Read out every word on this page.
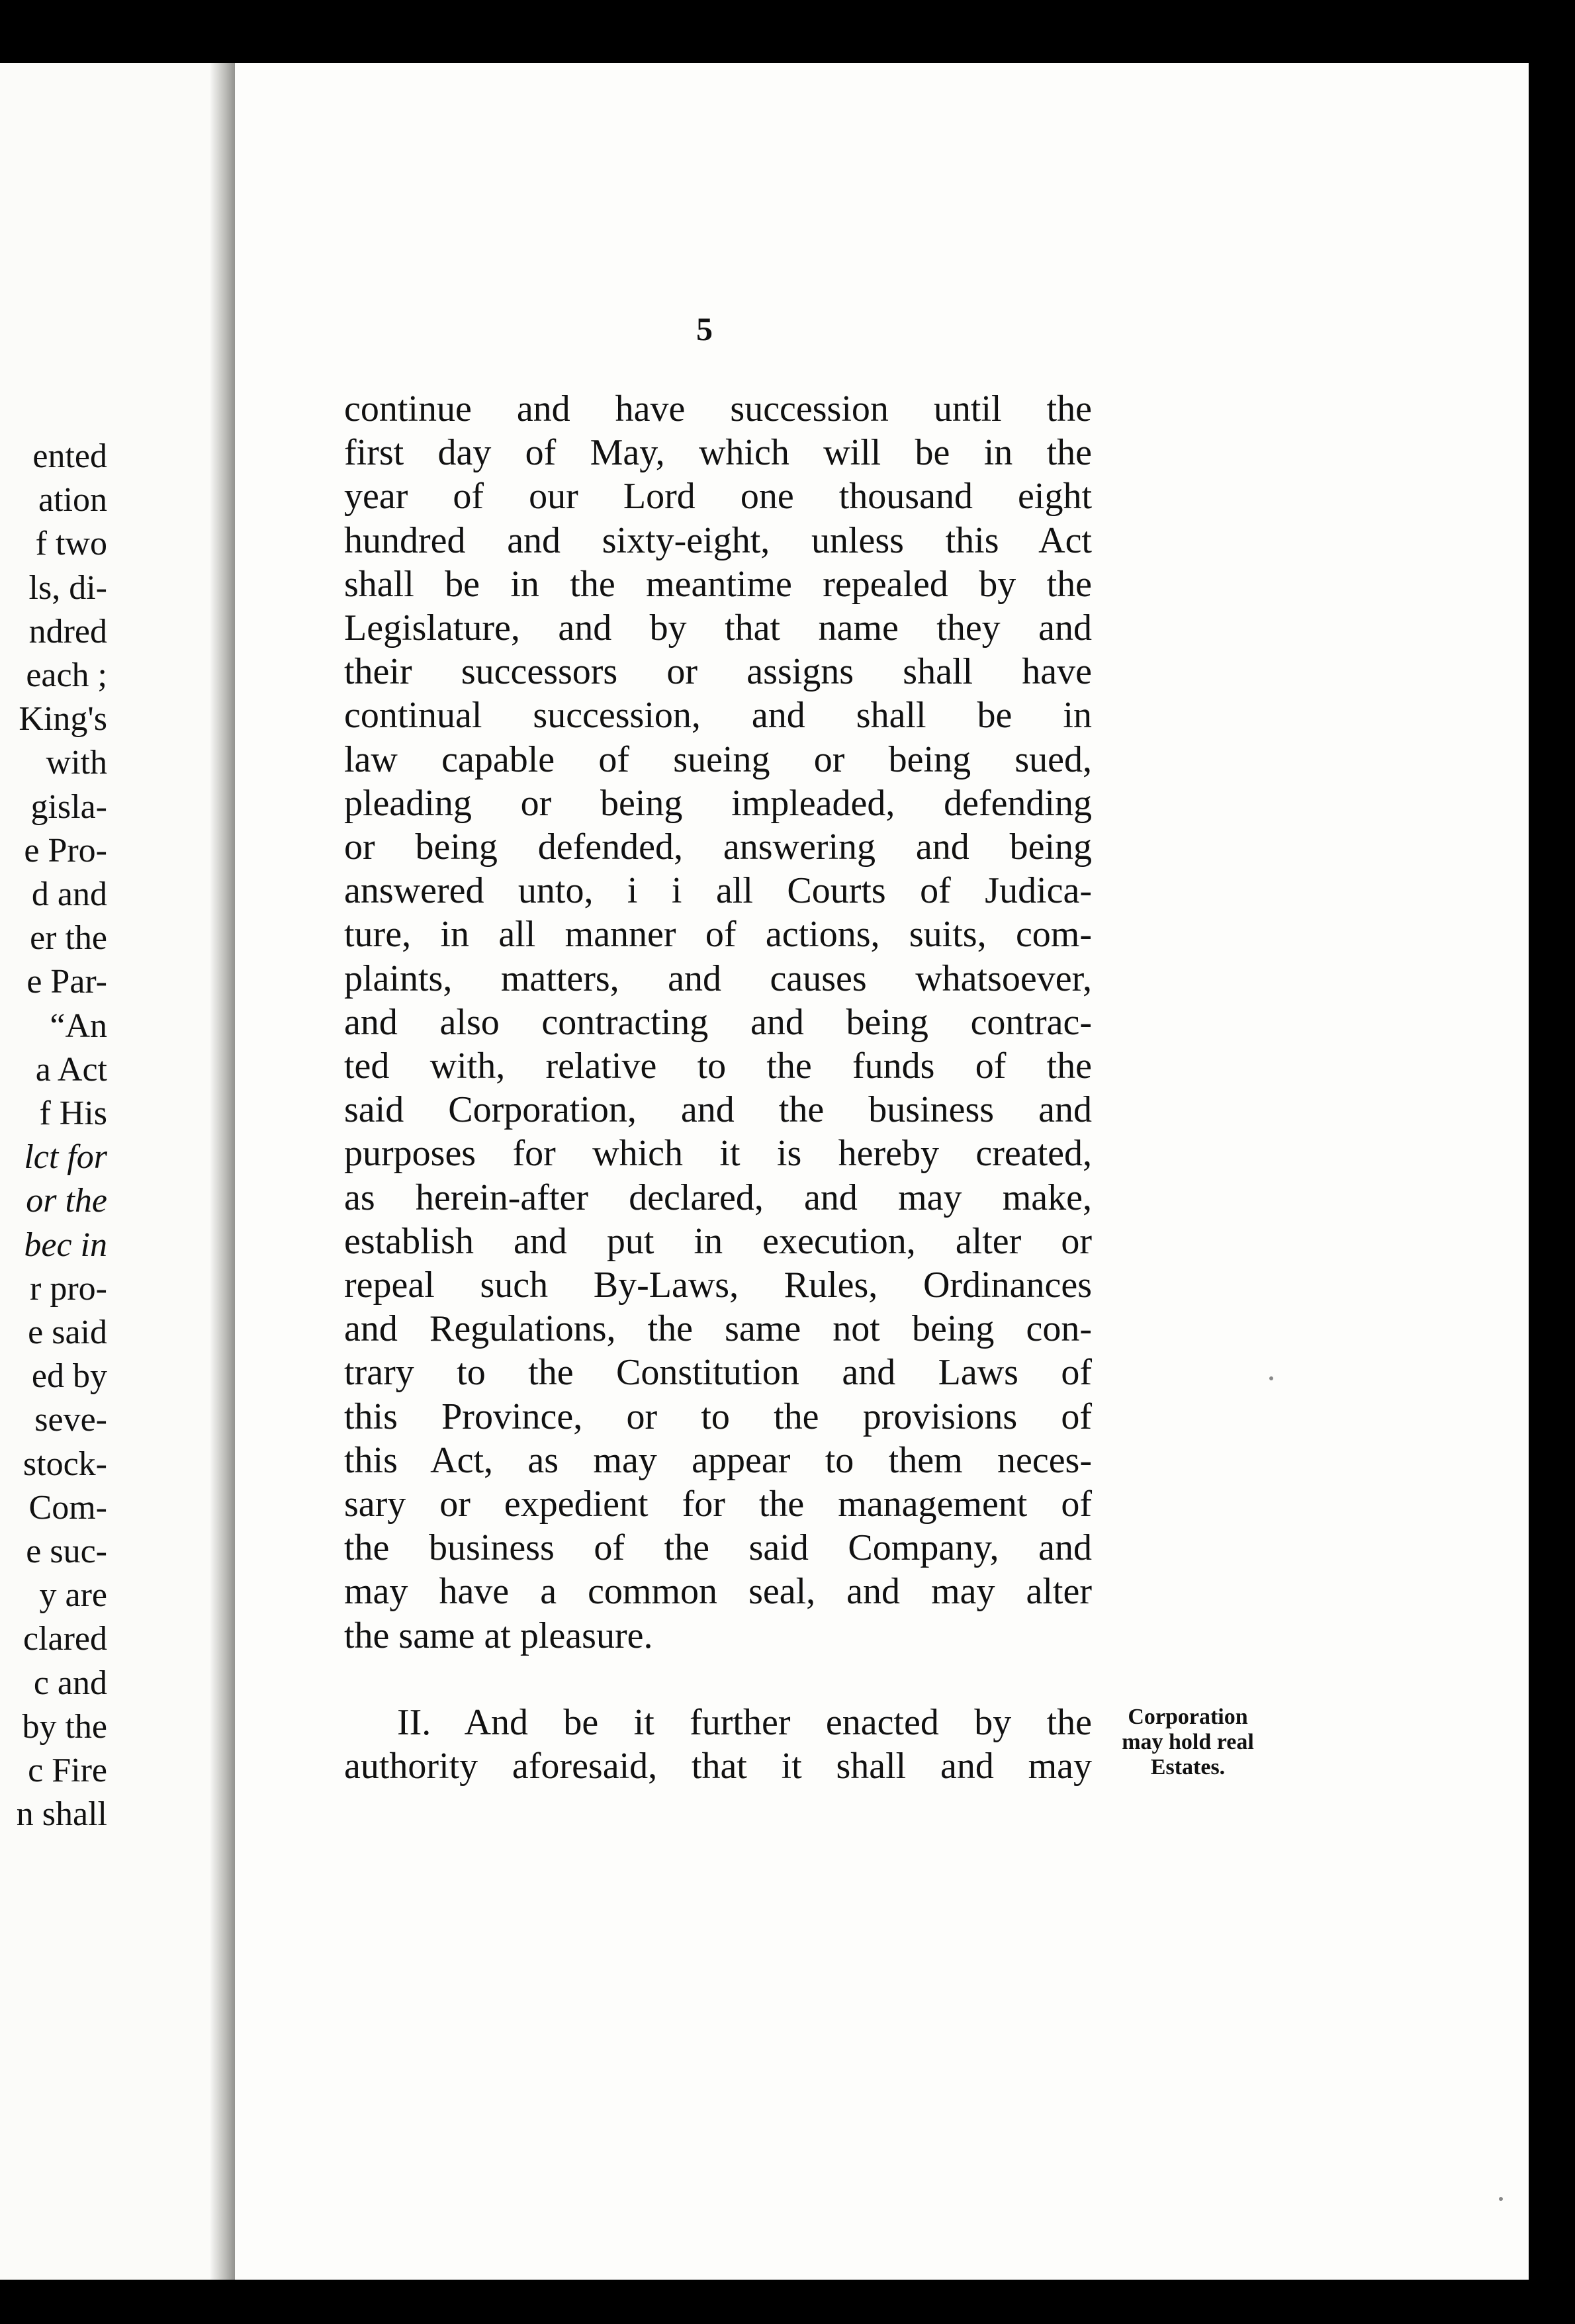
ented
ation
f two
ls, di-
ndred
each ;
King's
with
gisla-
e Pro-
d and
er the
e Par-
“An
a Act
f His
lct for
or the
bec in
r pro-
e said
ed by
seve-
stock-
Com-
e suc-
y are
clared
c and
by the
c Fire
n shall
5
continue and have succession until the
first day of May, which will be in the
year of our Lord one thousand eight
hundred and sixty-eight, unless this Act
shall be in the meantime repealed by the
Legislature, and by that name they and
their successors or assigns shall have
continual succession, and shall be in
law capable of sueing or being sued,
pleading or being impleaded, defending
or being defended, answering and being
answered unto, i i all Courts of Judica-
ture, in all manner of actions, suits, com-
plaints, matters, and causes whatsoever,
and also contracting and being contrac-
ted with, relative to the funds of the
said Corporation, and the business and
purposes for which it is hereby created,
as herein-after declared, and may make,
establish and put in execution, alter or
repeal such By-Laws, Rules, Ordinances
and Regulations, the same not being con-
trary to the Constitution and Laws of
this Province, or to the provisions of
this Act, as may appear to them neces-
sary or expedient for the management of
the business of the said Company, and
may have a common seal, and may alter
the same at pleasure.
II. And be it further enacted by the
authority aforesaid, that it shall and may
Corporation
may hold real
Estates.
